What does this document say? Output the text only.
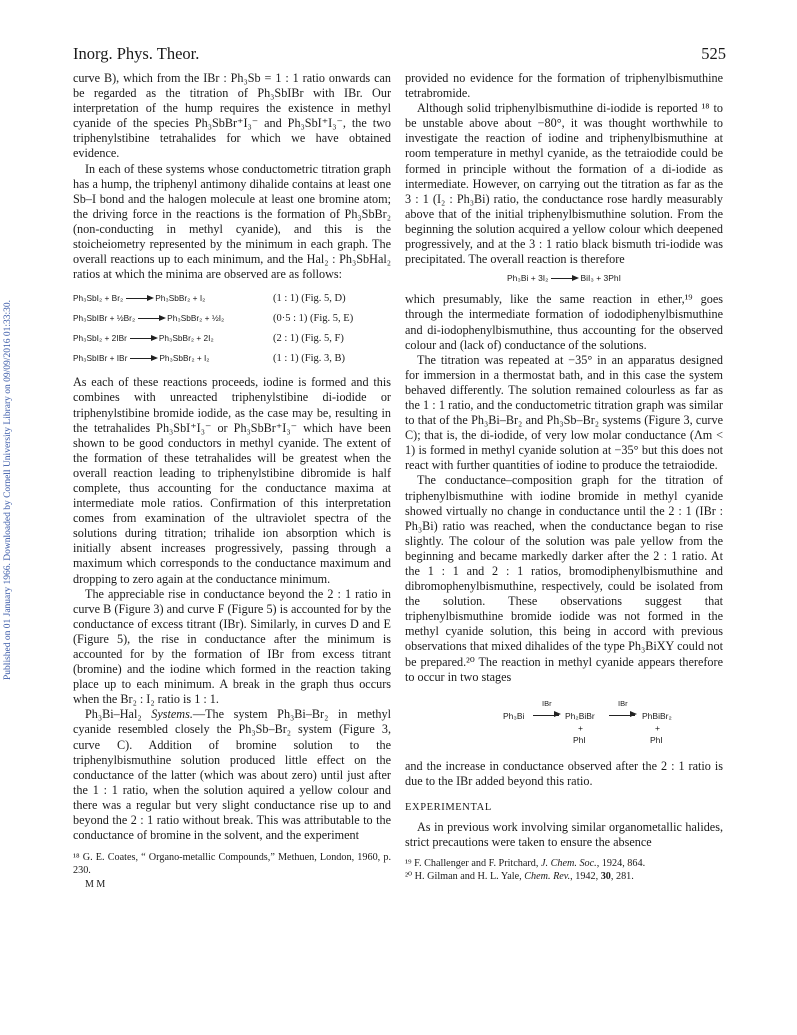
Published on 01 January 1966. Downloaded by Cornell University Library on 09/09/2016 01:33:30.
Inorg. Phys. Theor.	525

curve B), which from the IBr : Ph₃Sb = 1 : 1 ratio onwards can be regarded as the titration of Ph₃SbIBr with IBr. Our interpretation of the hump requires the existence in methyl cyanide of the species Ph₃SbBr⁺I₃⁻ and Ph₃SbI⁺I₃⁻, the two triphenylstibine tetrahalides for which we have obtained evidence.

In each of these systems whose conductometric titration graph has a hump, the triphenyl antimony dihalide contains at least one Sb–I bond and the halogen molecule at least one bromine atom; the driving force in the reactions is the formation of Ph₃SbBr₂ (non-conducting in methyl cyanide), and this is the stoicheiometry represented by the minimum in each graph. The overall reactions up to each minimum, and the Hal₂ : Ph₃SbHal₂ ratios at which the minima are observed are as follows:

Ph₃SbI₂ + Br₂	Ph₃SbBr₂ + I₂	(1 : 1) (Fig. 5, D)
Ph₃SbIBr + ½Br₂	Ph₃SbBr₂ + ½I₂	(0·5 : 1) (Fig. 5, E)
Ph₃SbI₂ + 2IBr	Ph₃SbBr₂ + 2I₂	(2 : 1) (Fig. 5, F)
Ph₃SbIBr + IBr	Ph₃SbBr₂ + I₂	(1 : 1) (Fig. 3, B)

As each of these reactions proceeds, iodine is formed and this combines with unreacted triphenylstibine di-iodide or triphenylstibine bromide iodide, as the case may be, resulting in the tetrahalides Ph₃SbI⁺I₃⁻ or Ph₃SbBr⁺I₃⁻ which have been shown to be good conductors in methyl cyanide. The extent of the formation of these tetrahalides will be greatest when the overall reaction leading to triphenylstibine dibromide is half complete, thus accounting for the conductance maxima at intermediate mole ratios. Confirmation of this interpretation comes from examination of the ultraviolet spectra of the solutions during titration; trihalide ion absorption which is initially absent increases progressively, passing through a maximum which corresponds to the conductance maximum and dropping to zero again at the conductance minimum.

The appreciable rise in conductance beyond the 2 : 1 ratio in curve B (Figure 3) and curve F (Figure 5) is accounted for by the conductance of excess titrant (IBr). Similarly, in curves D and E (Figure 5), the rise in conductance after the minimum is accounted for by the formation of IBr from excess titrant (bromine) and the iodine which formed in the reaction taking place up to each minimum. A break in the graph thus occurs when the Br₂ : I₂ ratio is 1 : 1.

Ph₃Bi–Hal₂ Systems.—The system Ph₃Bi–Br₂ in methyl cyanide resembled closely the Ph₃Sb–Br₂ system (Figure 3, curve C). Addition of bromine solution to the triphenylbismuthine solution produced little effect on the conductance of the latter (which was about zero) until just after the 1 : 1 ratio, when the solution aquired a yellow colour and there was a regular but very slight conductance rise up to and beyond the 2 : 1 ratio without break. This was attributable to the conductance of bromine in the solvent, and the experiment

¹⁸ G. E. Coates, “ Organo-metallic Compounds,” Methuen, London, 1960, p. 230.

M M

provided no evidence for the formation of triphenylbismuthine tetrabromide.

Although solid triphenylbismuthine di-iodide is reported ¹⁸ to be unstable above about −80°, it was thought worthwhile to investigate the reaction of iodine and triphenylbismuthine at room temperature in methyl cyanide, as the tetraiodide could be formed in principle without the formation of a di-iodide as intermediate. However, on carrying out the titration as far as the 3 : 1 (I₂ : Ph₃Bi) ratio, the conductance rose hardly measurably above that of the initial triphenylbismuthine solution. From the beginning the solution acquired a yellow colour which deepened progressively, and at the 3 : 1 ratio black bismuth tri-iodide was precipitated. The overall reaction is therefore

Ph₃Bi + 3I₂	BiI₃ + 3PhI

which presumably, like the same reaction in ether,¹⁹ goes through the intermediate formation of iododiphenylbismuthine and di-iodophenylbismuthine, thus accounting for the observed colour and (lack of) conductance of the solutions.

The titration was repeated at −35° in an apparatus designed for immersion in a thermostat bath, and in this case the system behaved differently. The solution remained colourless as far as the 1 : 1 ratio, and the conductometric titration graph was similar to that of the Ph₃Bi–Br₂ and Ph₃Sb–Br₂ systems (Figure 3, curve C); that is, the di-iodide, of very low molar conductance (Λm < 1) is formed in methyl cyanide solution at −35° but this does not react with further quantities of iodine to produce the tetraiodide.

The conductance–composition graph for the titration of triphenylbismuthine with iodine bromide in methyl cyanide showed virtually no change in conductance until the 2 : 1 (IBr : Ph₃Bi) ratio was reached, when the conductance began to rise slightly. The colour of the solution was pale yellow from the beginning and became markedly darker after the 2 : 1 ratio. At the 1 : 1 and 2 : 1 ratios, bromodiphenylbismuthine and dibromophenylbismuthine, respectively, could be isolated from the solution. These observations suggest that triphenylbismuthine bromide iodide was not formed in the methyl cyanide solution, this being in accord with previous observations that mixed dihalides of the type Ph₃BiXY could not be prepared.²⁰ The reaction in methyl cyanide appears therefore to occur in two stages

Ph₃Bi
IBr
Ph₂BiBr
IBr
PhBiBr₂
+
PhI
+
PhI

and the increase in conductance observed after the 2 : 1 ratio is due to the IBr added beyond this ratio.

EXPERIMENTAL

As in previous work involving similar organometallic halides, strict precautions were taken to ensure the absence

¹⁹ F. Challenger and F. Pritchard, J. Chem. Soc., 1924, 864.

²⁰ H. Gilman and H. L. Yale, Chem. Rev., 1942, 30, 281.
